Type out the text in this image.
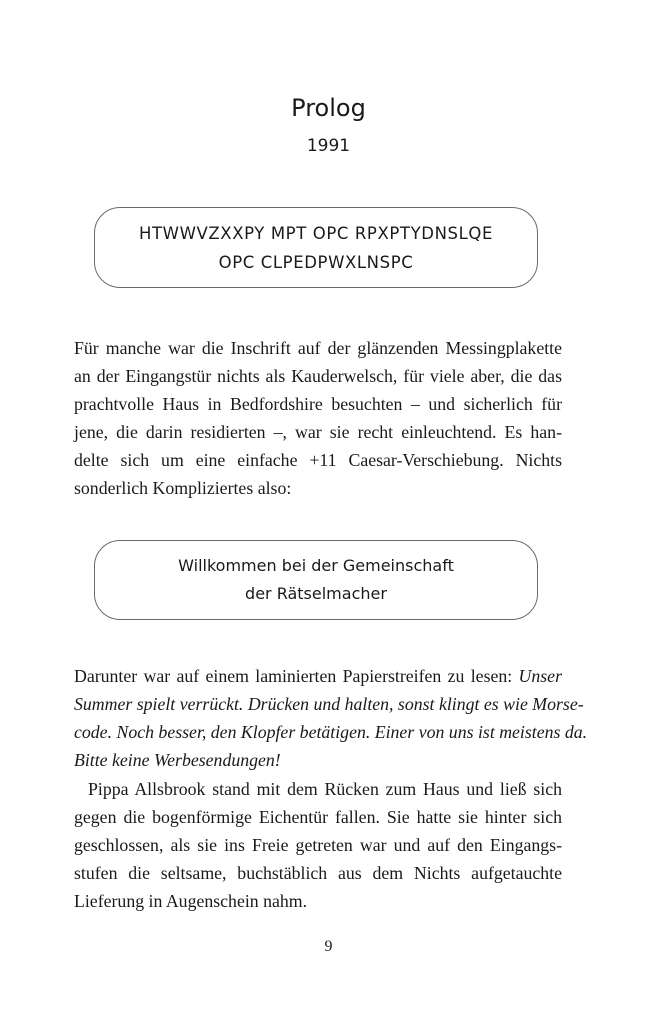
Prolog

1991

HTWWVZXXPY MPT OPC RPXPTYDNSLQE
OPC CLPEDPWXLNSPC

Für manche war die Inschrift auf der glänzenden Messingplakette
an der Eingangstür nichts als Kauderwelsch, für viele aber, die das
prachtvolle Haus in Bedfordshire besuchten – und sicherlich für
jene, die darin residierten –, war sie recht einleuchtend. Es han-
delte sich um eine einfache +11 Caesar-Verschiebung. Nichts
sonderlich Kompliziertes also:

Willkommen bei der Gemeinschaft
der Rätselmacher

Darunter war auf einem laminierten Papierstreifen zu lesen: Unser
Summer spielt verrückt. Drücken und halten, sonst klingt es wie Morse-
code. Noch besser, den Klopfer betätigen. Einer von uns ist meistens da.
Bitte keine Werbesendungen!

Pippa Allsbrook stand mit dem Rücken zum Haus und ließ sich
gegen die bogenförmige Eichentür fallen. Sie hatte sie hinter sich
geschlossen, als sie ins Freie getreten war und auf den Eingangs-
stufen die seltsame, buchstäblich aus dem Nichts aufgetauchte
Lieferung in Augenschein nahm.

9
